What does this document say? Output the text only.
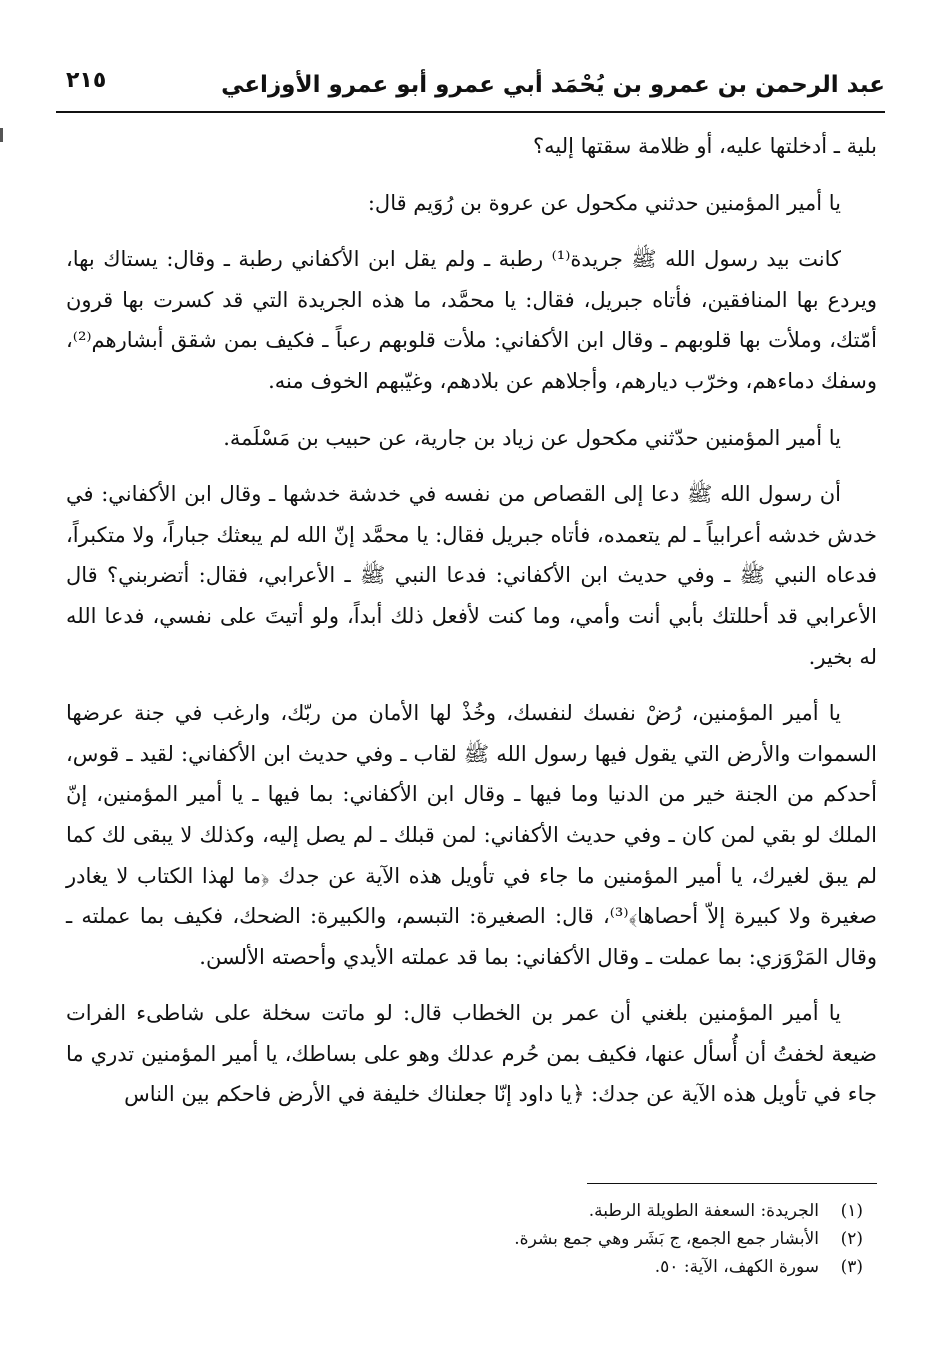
عبد الرحمن بن عمرو بن يُحْمَد أبي عمرو أبو عمرو الأوزاعي
٢١٥

بلية ـ أدخلتها عليه، أو ظلامة سقتها إليه؟

يا أمير المؤمنين حدثني مكحول عن عروة بن رُوَيم قال:

كانت بيد رسول الله ﷺ جريدة⁽¹⁾ رطبة ـ ولم يقل ابن الأكفاني رطبة ـ وقال: يستاك بها، ويردع بها المنافقين، فأتاه جبريل، فقال: يا محمَّد، ما هذه الجريدة التي قد كسرت بها قرون أمّتك، وملأت بها قلوبهم ـ وقال ابن الأكفاني: ملأت قلوبهم رعباً ـ فكيف بمن شقق أبشارهم⁽²⁾، وسفك دماءهم، وخرّب ديارهم، وأجلاهم عن بلادهم، وغيّبهم الخوف منه.

يا أمير المؤمنين حدّثني مكحول عن زياد بن جارية، عن حبيب بن مَسْلَمة.

أن رسول الله ﷺ دعا إلى القصاص من نفسه في خدشة خدشها ـ وقال ابن الأكفاني: في خدش خدشه أعرابياً ـ لم يتعمده، فأتاه جبريل فقال: يا محمَّد إنّ الله لم يبعثك جباراً، ولا متكبراً، فدعاه النبي ﷺ ـ وفي حديث ابن الأكفاني: فدعا النبي ﷺ ـ الأعرابي، فقال: أتضربني؟ قال الأعرابي قد أحللتك بأبي أنت وأمي، وما كنت لأفعل ذلك أبداً، ولو أتيتَ على نفسي، فدعا الله له بخير.

يا أمير المؤمنين، رُضْ نفسك لنفسك، وخُذْ لها الأمان من ربّك، وارغب في جنة عرضها السموات والأرض التي يقول فيها رسول الله ﷺ لقاب ـ وفي حديث ابن الأكفاني: لقيد ـ قوس، أحدكم من الجنة خير من الدنيا وما فيها ـ وقال ابن الأكفاني: بما فيها ـ يا أمير المؤمنين، إنّ الملك لو بقي لمن كان ـ وفي حديث الأكفاني: لمن قبلك ـ لم يصل إليه، وكذلك لا يبقى لك كما لم يبق لغيرك، يا أمير المؤمنين ما جاء في تأويل هذه الآية عن جدك ﴿ما لهذا الكتاب لا يغادر صغيرة ولا كبيرة إلاّ أحصاها﴾⁽³⁾، قال: الصغيرة: التبسم، والكبيرة: الضحك، فكيف بما عملته ـ وقال المَرْوَزي: بما عملت ـ وقال الأكفاني: بما قد عملته الأيدي وأحصته الألسن.

يا أمير المؤمنين بلغني أن عمر بن الخطاب قال: لو ماتت سخلة على شاطىء الفرات ضيعة لخفتُ أن أُسأل عنها، فكيف بمن حُرم عدلك وهو على بساطك، يا أمير المؤمنين تدري ما جاء في تأويل هذه الآية عن جدك: ﴿يا داود إنّا جعلناك خليفة في الأرض فاحكم بين الناس

(١)
الجريدة: السعفة الطويلة الرطبة.
(٢)
الأبشار جمع الجمع، ج بَشَر وهي جمع بشرة.
(٣)
سورة الكهف، الآية: ٥٠.
